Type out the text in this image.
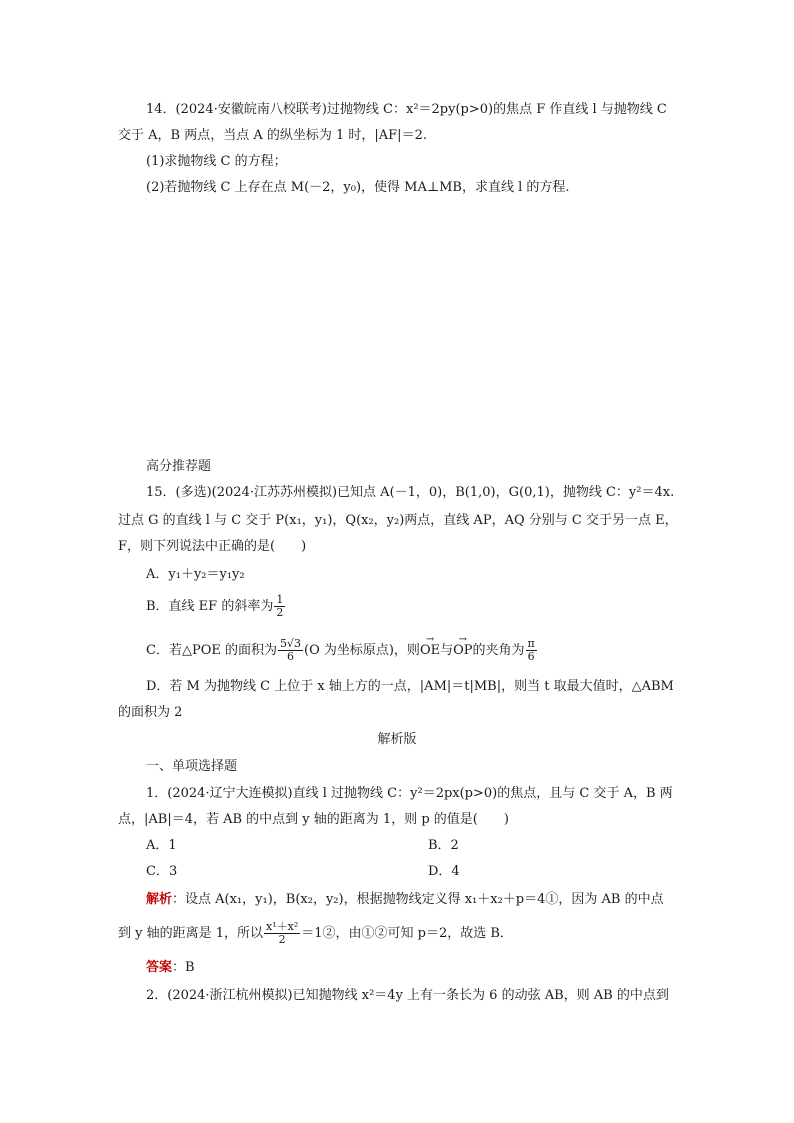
14．(2024·安徽皖南八校联考)过抛物线 C：x²＝2py(p>0)的焦点 F 作直线 l 与抛物线 C
交于 A，B 两点，当点 A 的纵坐标为 1 时，|AF|＝2.
(1)求抛物线 C 的方程；
(2)若抛物线 C 上存在点 M(－2，y₀)，使得 MA⊥MB，求直线 l 的方程.
高分推荐题
15．(多选)(2024·江苏苏州模拟)已知点 A(－1，0)，B(1,0)，G(0,1)，抛物线 C：y²＝4x.
过点 G 的直线 l 与 C 交于 P(x₁，y₁)，Q(x₂，y₂)两点，直线 AP，AQ 分别与 C 交于另一点 E，
F，则下列说法中正确的是(　　)
A．y₁＋y₂＝y₁y₂
B．直线 EF 的斜率为 $\frac{1}{2}$
C．若△POE 的面积为 $\frac{5√3}{6} (O$ 为坐标原点)，则→ OE与→ OP的夹角为 $\frac{\pi}{6}$
D．若 M 为抛物线 C 上位于 x 轴上方的一点，|AM|＝t|MB|，则当 t 取最大值时，△ABM
的面积为 2
解析版
一、单项选择题
1．(2024·辽宁大连模拟)直线 l 过抛物线 C：y²＝2px(p>0)的焦点，且与 C 交于 A，B 两
点，|AB|＝4，若 AB 的中点到 y 轴的距离为 1，则 p 的值是(　　)
A．1	B．2
C．3	D．4
解析：设点 A(x₁，y₁)，B(x₂，y₂)，根据抛物线定义得 x₁＋x₂＋p＝4①，因为 AB 的中点
到 y 轴的距离是 1，所以 $\frac{\text{x¹＋x²}}{2}$ ＝1②，由①②可知 p＝2，故选 B．
答案：B
2．(2024·浙江杭州模拟)已知抛物线 x²＝4y 上有一条长为 6 的动弦 AB，则 AB 的中点到
